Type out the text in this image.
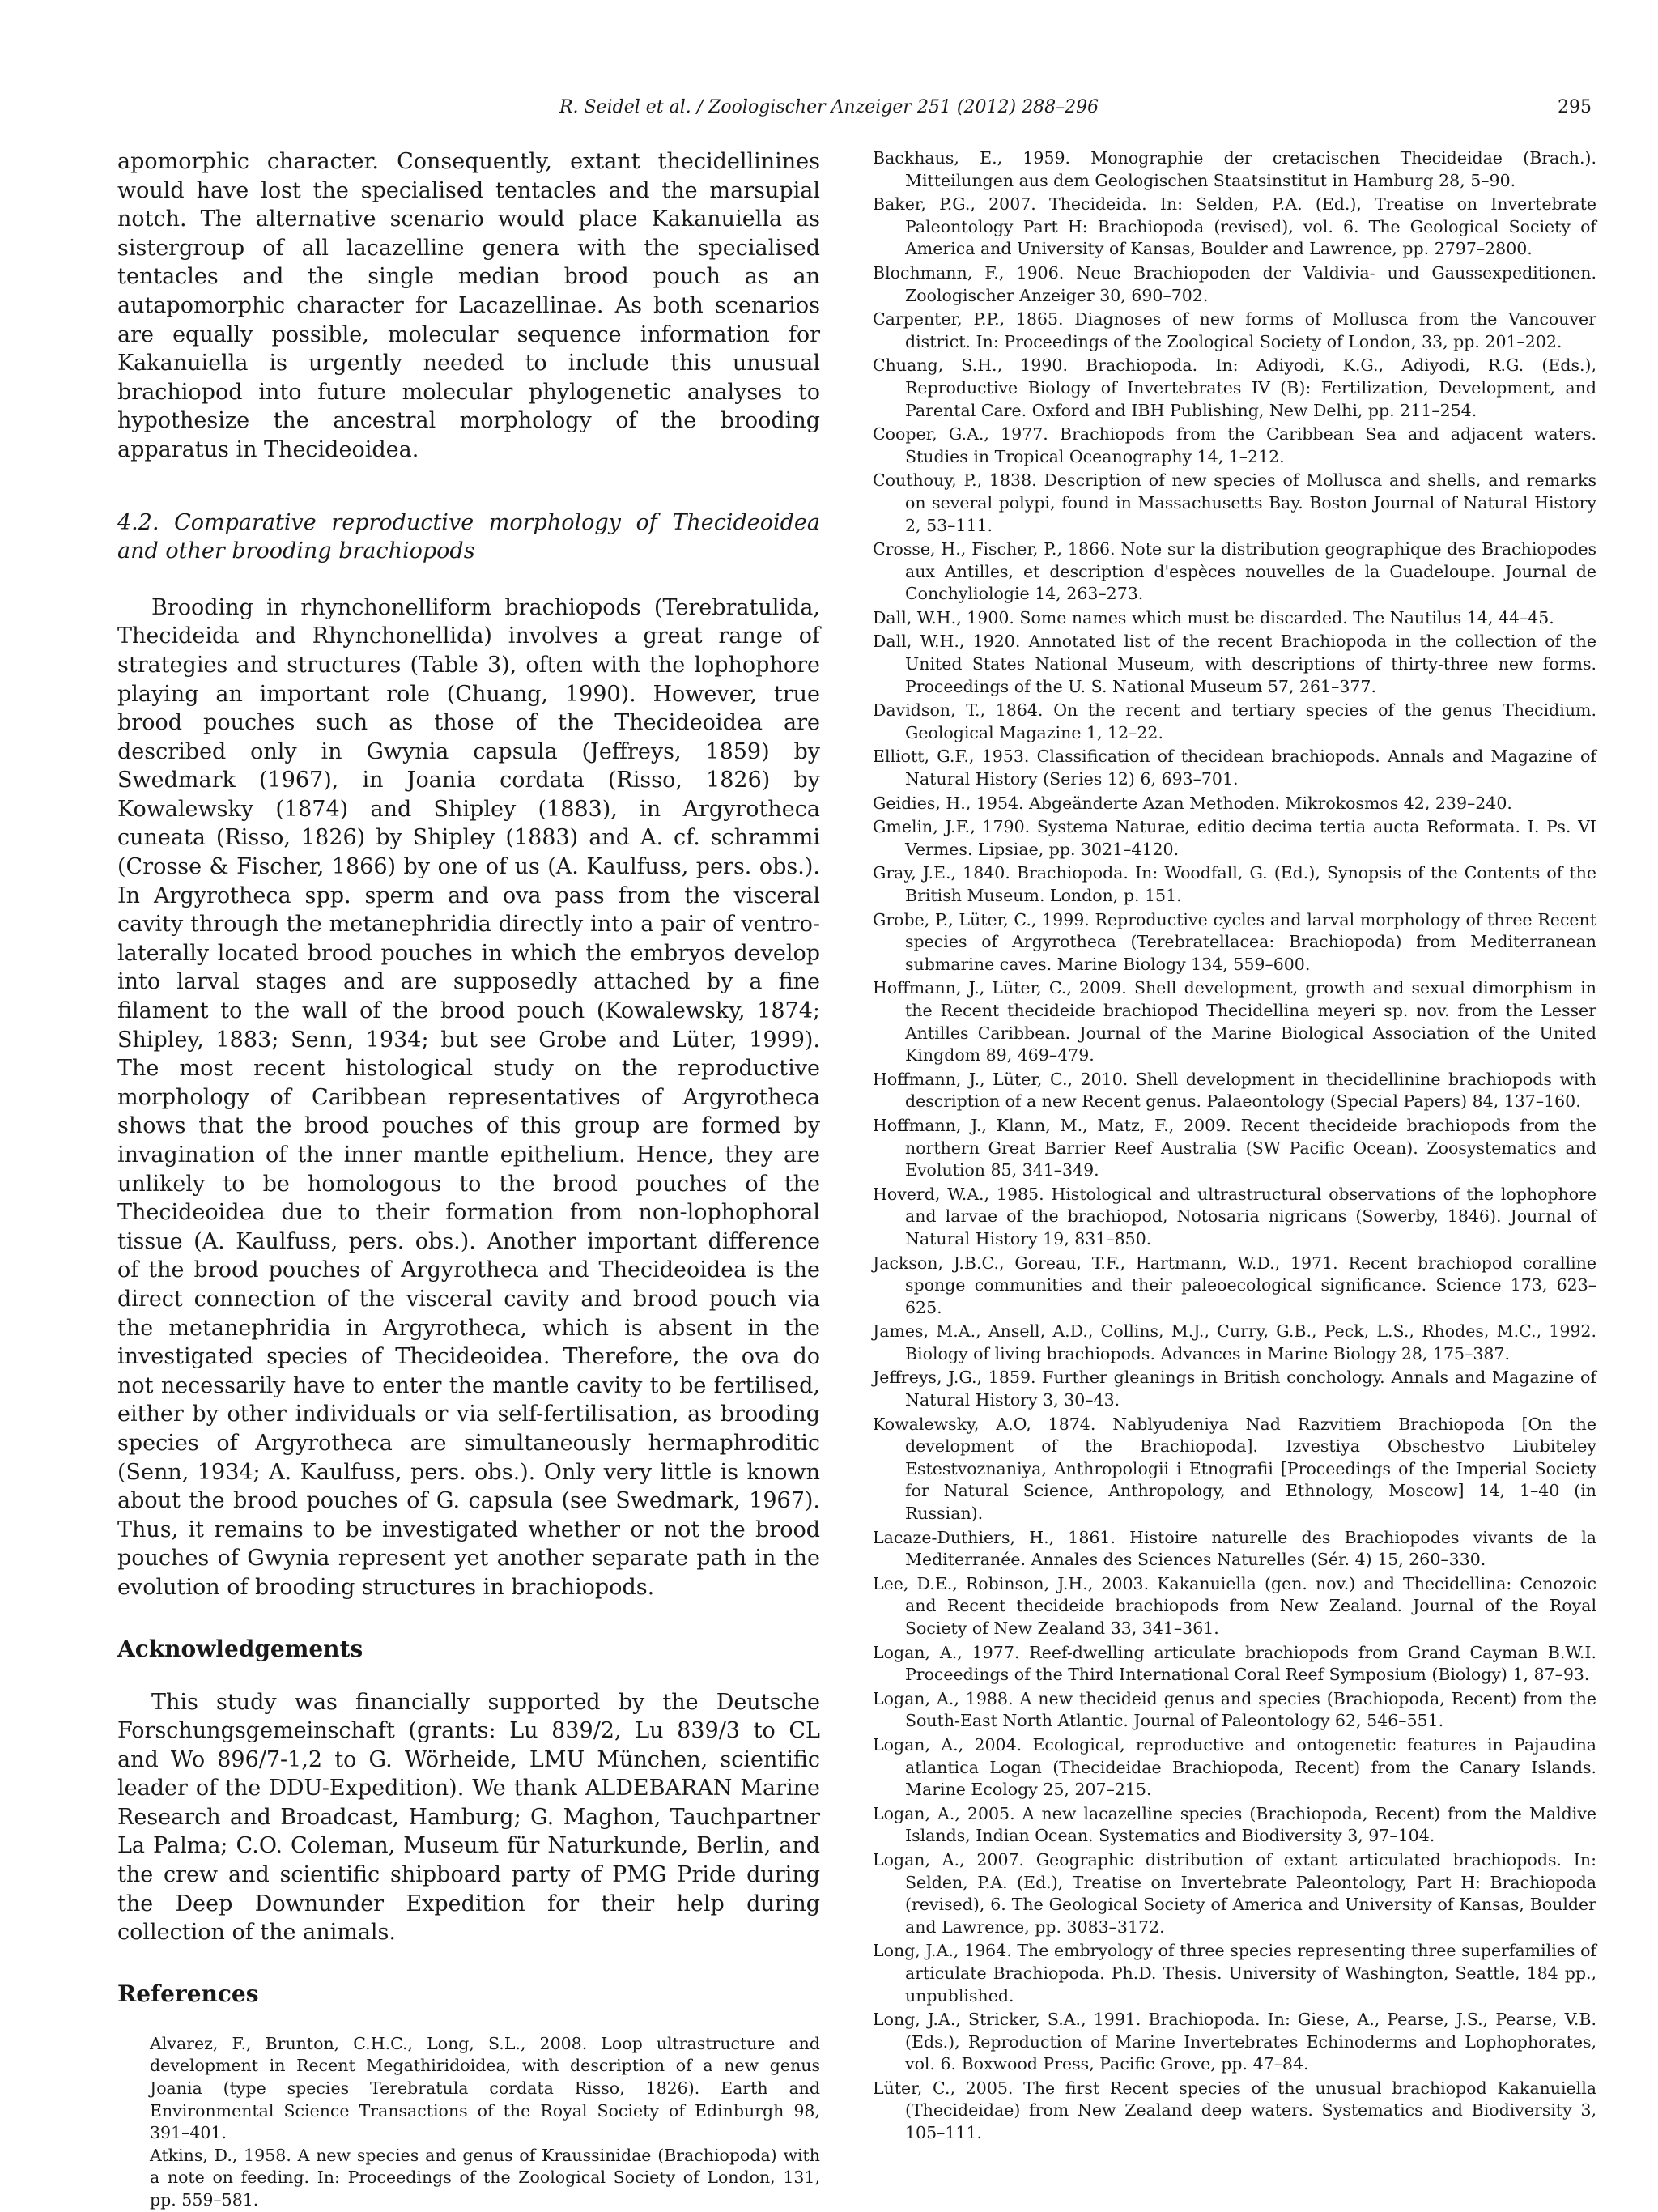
R. Seidel et al. / Zoologischer Anzeiger 251 (2012) 288–296	295

apomorphic character. Consequently, extant thecidellinines would have lost the specialised tentacles and the marsupial notch. The alternative scenario would place Kakanuiella as sistergroup of all lacazelline genera with the specialised tentacles and the single median brood pouch as an autapomorphic character for Lacazellinae. As both scenarios are equally possible, molecular sequence information for Kakanuiella is urgently needed to include this unusual brachiopod into future molecular phylogenetic analyses to hypothesize the ancestral morphology of the brooding apparatus in Thecideoidea.

4.2. Comparative reproductive morphology of Thecideoidea and other brooding brachiopods

Brooding in rhynchonelliform brachiopods (Terebratulida, Thecideida and Rhynchonellida) involves a great range of strategies and structures (Table 3), often with the lophophore playing an important role (Chuang, 1990). However, true brood pouches such as those of the Thecideoidea are described only in Gwynia capsula (Jeffreys, 1859) by Swedmark (1967), in Joania cordata (Risso, 1826) by Kowalewsky (1874) and Shipley (1883), in Argyrotheca cuneata (Risso, 1826) by Shipley (1883) and A. cf. schrammi (Crosse & Fischer, 1866) by one of us (A. Kaulfuss, pers. obs.). In Argyrotheca spp. sperm and ova pass from the visceral cavity through the metanephridia directly into a pair of ventro-laterally located brood pouches in which the embryos develop into larval stages and are supposedly attached by a fine filament to the wall of the brood pouch (Kowalewsky, 1874; Shipley, 1883; Senn, 1934; but see Grobe and Lüter, 1999). The most recent histological study on the reproductive morphology of Caribbean representatives of Argyrotheca shows that the brood pouches of this group are formed by invagination of the inner mantle epithelium. Hence, they are unlikely to be homologous to the brood pouches of the Thecideoidea due to their formation from non-lophophoral tissue (A. Kaulfuss, pers. obs.). Another important difference of the brood pouches of Argyrotheca and Thecideoidea is the direct connection of the visceral cavity and brood pouch via the metanephridia in Argyrotheca, which is absent in the investigated species of Thecideoidea. Therefore, the ova do not necessarily have to enter the mantle cavity to be fertilised, either by other individuals or via self-fertilisation, as brooding species of Argyrotheca are simultaneously hermaphroditic (Senn, 1934; A. Kaulfuss, pers. obs.). Only very little is known about the brood pouches of G. capsula (see Swedmark, 1967). Thus, it remains to be investigated whether or not the brood pouches of Gwynia represent yet another separate path in the evolution of brooding structures in brachiopods.

Acknowledgements

This study was financially supported by the Deutsche Forschungsgemeinschaft (grants: Lu 839/2, Lu 839/3 to CL and Wo 896/7-1,2 to G. Wörheide, LMU München, scientific leader of the DDU-Expedition). We thank ALDEBARAN Marine Research and Broadcast, Hamburg; G. Maghon, Tauchpartner La Palma; C.O. Coleman, Museum für Naturkunde, Berlin, and the crew and scientific shipboard party of PMG Pride during the Deep Downunder Expedition for their help during collection of the animals.

References

Alvarez, F., Brunton, C.H.C., Long, S.L., 2008. Loop ultrastructure and development in Recent Megathiridoidea, with description of a new genus Joania (type species Terebratula cordata Risso, 1826). Earth and Environmental Science Transactions of the Royal Society of Edinburgh 98, 391–401.

Atkins, D., 1958. A new species and genus of Kraussinidae (Brachiopoda) with a note on feeding. In: Proceedings of the Zoological Society of London, 131, pp. 559–581.

Backhaus, E., 1959. Monographie der cretacischen Thecideidae (Brach.). Mitteilungen aus dem Geologischen Staatsinstitut in Hamburg 28, 5–90.

Baker, P.G., 2007. Thecideida. In: Selden, P.A. (Ed.), Treatise on Invertebrate Paleontology Part H: Brachiopoda (revised), vol. 6. The Geological Society of America and University of Kansas, Boulder and Lawrence, pp. 2797–2800.

Blochmann, F., 1906. Neue Brachiopoden der Valdivia- und Gaussexpeditionen. Zoologischer Anzeiger 30, 690–702.

Carpenter, P.P., 1865. Diagnoses of new forms of Mollusca from the Vancouver district. In: Proceedings of the Zoological Society of London, 33, pp. 201–202.

Chuang, S.H., 1990. Brachiopoda. In: Adiyodi, K.G., Adiyodi, R.G. (Eds.), Reproductive Biology of Invertebrates IV (B): Fertilization, Development, and Parental Care. Oxford and IBH Publishing, New Delhi, pp. 211–254.

Cooper, G.A., 1977. Brachiopods from the Caribbean Sea and adjacent waters. Studies in Tropical Oceanography 14, 1–212.

Couthouy, P., 1838. Description of new species of Mollusca and shells, and remarks on several polypi, found in Massachusetts Bay. Boston Journal of Natural History 2, 53–111.

Crosse, H., Fischer, P., 1866. Note sur la distribution geographique des Brachiopodes aux Antilles, et description d'espèces nouvelles de la Guadeloupe. Journal de Conchyliologie 14, 263–273.

Dall, W.H., 1900. Some names which must be discarded. The Nautilus 14, 44–45.

Dall, W.H., 1920. Annotated list of the recent Brachiopoda in the collection of the United States National Museum, with descriptions of thirty-three new forms. Proceedings of the U. S. National Museum 57, 261–377.

Davidson, T., 1864. On the recent and tertiary species of the genus Thecidium. Geological Magazine 1, 12–22.

Elliott, G.F., 1953. Classification of thecidean brachiopods. Annals and Magazine of Natural History (Series 12) 6, 693–701.

Geidies, H., 1954. Abgeänderte Azan Methoden. Mikrokosmos 42, 239–240.

Gmelin, J.F., 1790. Systema Naturae, editio decima tertia aucta Reformata. I. Ps. VI Vermes. Lipsiae, pp. 3021–4120.

Gray, J.E., 1840. Brachiopoda. In: Woodfall, G. (Ed.), Synopsis of the Contents of the British Museum. London, p. 151.

Grobe, P., Lüter, C., 1999. Reproductive cycles and larval morphology of three Recent species of Argyrotheca (Terebratellacea: Brachiopoda) from Mediterranean submarine caves. Marine Biology 134, 559–600.

Hoffmann, J., Lüter, C., 2009. Shell development, growth and sexual dimorphism in the Recent thecideide brachiopod Thecidellina meyeri sp. nov. from the Lesser Antilles Caribbean. Journal of the Marine Biological Association of the United Kingdom 89, 469–479.

Hoffmann, J., Lüter, C., 2010. Shell development in thecidellinine brachiopods with description of a new Recent genus. Palaeontology (Special Papers) 84, 137–160.

Hoffmann, J., Klann, M., Matz, F., 2009. Recent thecideide brachiopods from the northern Great Barrier Reef Australia (SW Pacific Ocean). Zoosystematics and Evolution 85, 341–349.

Hoverd, W.A., 1985. Histological and ultrastructural observations of the lophophore and larvae of the brachiopod, Notosaria nigricans (Sowerby, 1846). Journal of Natural History 19, 831–850.

Jackson, J.B.C., Goreau, T.F., Hartmann, W.D., 1971. Recent brachiopod coralline sponge communities and their paleoecological significance. Science 173, 623–625.

James, M.A., Ansell, A.D., Collins, M.J., Curry, G.B., Peck, L.S., Rhodes, M.C., 1992. Biology of living brachiopods. Advances in Marine Biology 28, 175–387.

Jeffreys, J.G., 1859. Further gleanings in British conchology. Annals and Magazine of Natural History 3, 30–43.

Kowalewsky, A.O, 1874. Nablyudeniya Nad Razvitiem Brachiopoda [On the development of the Brachiopoda]. Izvestiya Obschestvo Liubiteley Estestvoznaniya, Anthropologii i Etnografii [Proceedings of the Imperial Society for Natural Science, Anthropology, and Ethnology, Moscow] 14, 1–40 (in Russian).

Lacaze-Duthiers, H., 1861. Histoire naturelle des Brachiopodes vivants de la Mediterranée. Annales des Sciences Naturelles (Sér. 4) 15, 260–330.

Lee, D.E., Robinson, J.H., 2003. Kakanuiella (gen. nov.) and Thecidellina: Cenozoic and Recent thecideide brachiopods from New Zealand. Journal of the Royal Society of New Zealand 33, 341–361.

Logan, A., 1977. Reef-dwelling articulate brachiopods from Grand Cayman B.W.I. Proceedings of the Third International Coral Reef Symposium (Biology) 1, 87–93.

Logan, A., 1988. A new thecideid genus and species (Brachiopoda, Recent) from the South-East North Atlantic. Journal of Paleontology 62, 546–551.

Logan, A., 2004. Ecological, reproductive and ontogenetic features in Pajaudina atlantica Logan (Thecideidae Brachiopoda, Recent) from the Canary Islands. Marine Ecology 25, 207–215.

Logan, A., 2005. A new lacazelline species (Brachiopoda, Recent) from the Maldive Islands, Indian Ocean. Systematics and Biodiversity 3, 97–104.

Logan, A., 2007. Geographic distribution of extant articulated brachiopods. In: Selden, P.A. (Ed.), Treatise on Invertebrate Paleontology, Part H: Brachiopoda (revised), 6. The Geological Society of America and University of Kansas, Boulder and Lawrence, pp. 3083–3172.

Long, J.A., 1964. The embryology of three species representing three superfamilies of articulate Brachiopoda. Ph.D. Thesis. University of Washington, Seattle, 184 pp., unpublished.

Long, J.A., Stricker, S.A., 1991. Brachiopoda. In: Giese, A., Pearse, J.S., Pearse, V.B. (Eds.), Reproduction of Marine Invertebrates Echinoderms and Lophophorates, vol. 6. Boxwood Press, Pacific Grove, pp. 47–84.

Lüter, C., 2005. The first Recent species of the unusual brachiopod Kakanuiella (Thecideidae) from New Zealand deep waters. Systematics and Biodiversity 3, 105–111.
